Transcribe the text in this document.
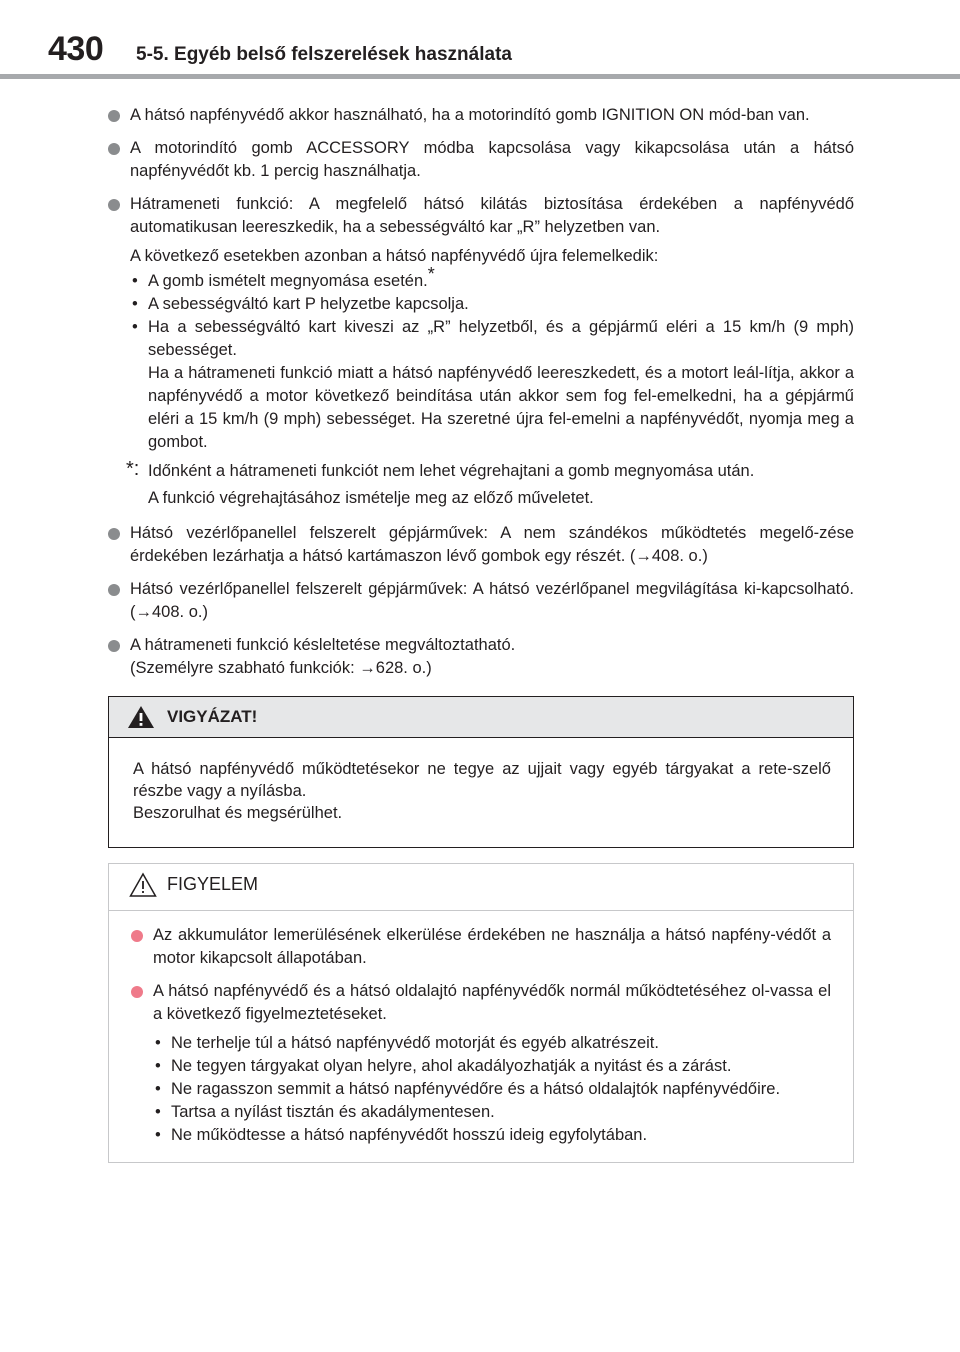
430 5-5. Egyéb belső felszerelések használata
A hátsó napfényvédő akkor használható, ha a motorindító gomb IGNITION ON mód-ban van.
A motorindító gomb ACCESSORY módba kapcsolása vagy kikapcsolása után a hátsó napfényvédőt kb. 1 percig használhatja.
Hátrameneti funkció: A megfelelő hátsó kilátás biztosítása érdekében a napfényvédő automatikusan leereszkedik, ha a sebességváltó kar „R” helyzetben van.
A következő esetekben azonban a hátsó napfényvédő újra felemelkedik:
• A gomb ismételt megnyomása esetén.*
• A sebességváltó kart P helyzetbe kapcsolja.
• Ha a sebességváltó kart kiveszi az „R” helyzetből, és a gépjármű eléri a 15 km/h (9 mph) sebességet.
Ha a hátrameneti funkció miatt a hátsó napfényvédő leereszkedett, és a motort leál-lítja, akkor a napfényvédő a motor következő beindítása után akkor sem fog fel-emelkedni, ha a gépjármű eléri a 15 km/h (9 mph) sebességet. Ha szeretné újra fel-emelni a napfényvédőt, nyomja meg a gombot.
*: Időnként a hátrameneti funkciót nem lehet végrehajtani a gomb megnyomása után.
A funkció végrehajtásához ismételje meg az előző műveletet.
Hátsó vezérlőpanellel felszerelt gépjárművek: A nem szándékos működtetés megelő-zése érdekében lezárhatja a hátsó kartámaszon lévő gombok egy részét. (→408. o.)
Hátsó vezérlőpanellel felszerelt gépjárművek: A hátsó vezérlőpanel megvilágítása ki-kapcsolható. (→408. o.)
A hátrameneti funkció késleltetése megváltoztatható.
(Személyre szabható funkciók: →628. o.)
VIGYÁZAT!
A hátsó napfényvédő működtetésekor ne tegye az ujjait vagy egyéb tárgyakat a rete-szelő részbe vagy a nyílásba.
Beszorulhat és megsérülhet.
FIGYELEM
Az akkumulátor lemerülésének elkerülése érdekében ne használja a hátsó napfény-védőt a motor kikapcsolt állapotában.
A hátsó napfényvédő és a hátsó oldalajtó napfényvédők normál működtetéséhez ol-vassa el a következő figyelmeztetéseket.
• Ne terhelje túl a hátsó napfényvédő motorját és egyéb alkatrészeit.
• Ne tegyen tárgyakat olyan helyre, ahol akadályozhatják a nyitást és a zárást.
• Ne ragasszon semmit a hátsó napfényvédőre és a hátsó oldalajtók napfényvédőire.
• Tartsa a nyílást tisztán és akadálymentesen.
• Ne működtesse a hátsó napfényvédőt hosszú ideig egyfolytában.
